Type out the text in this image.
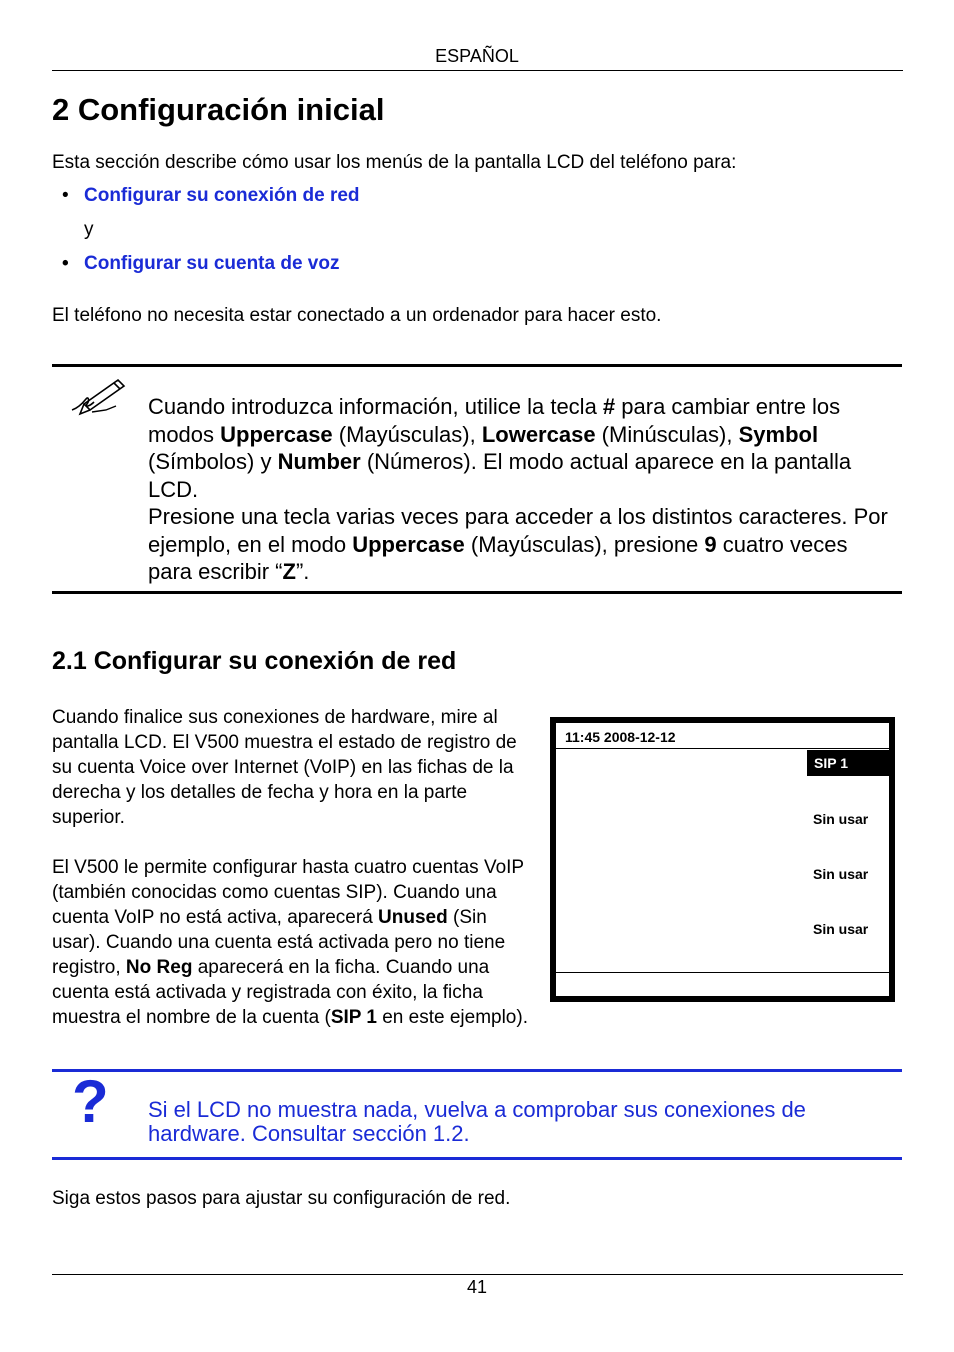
ESPAÑOL
2 Configuración inicial
Esta sección describe cómo usar los menús de la pantalla LCD del teléfono para:
• Configurar su conexión de red
y
• Configurar su cuenta de voz
El teléfono no necesita estar conectado a un ordenador para hacer esto.
Cuando introduzca información, utilice la tecla # para cambiar entre los modos Uppercase (Mayúsculas), Lowercase (Minúsculas), Symbol (Símbolos) y Number (Números). El modo actual aparece en la pantalla LCD.
Presione una tecla varias veces para acceder a los distintos caracteres. Por ejemplo, en el modo Uppercase (Mayúsculas), presione 9 cuatro veces para escribir “Z”.
2.1 Configurar su conexión de red

Cuando finalice sus conexiones de hardware, mire al pantalla LCD. El V500 muestra el estado de registro de su cuenta Voice over Internet (VoIP) en las fichas de la derecha y los detalles de fecha y hora en la parte superior.

El V500 le permite configurar hasta cuatro cuentas VoIP (también conocidas como cuentas SIP). Cuando una cuenta VoIP no está activa, aparecerá Unused (Sin usar). Cuando una cuenta está activada pero no tiene registro, No Reg aparecerá en la ficha. Cuando una cuenta está activada y registrada con éxito, la ficha muestra el nombre de la cuenta (SIP 1 en este ejemplo).

11:45 2008-12-12
SIP 1
Sin usar
Sin usar
Sin usar
? Si el LCD no muestra nada, vuelva a comprobar sus conexiones de hardware. Consultar sección 1.2.
Siga estos pasos para ajustar su configuración de red.
41
